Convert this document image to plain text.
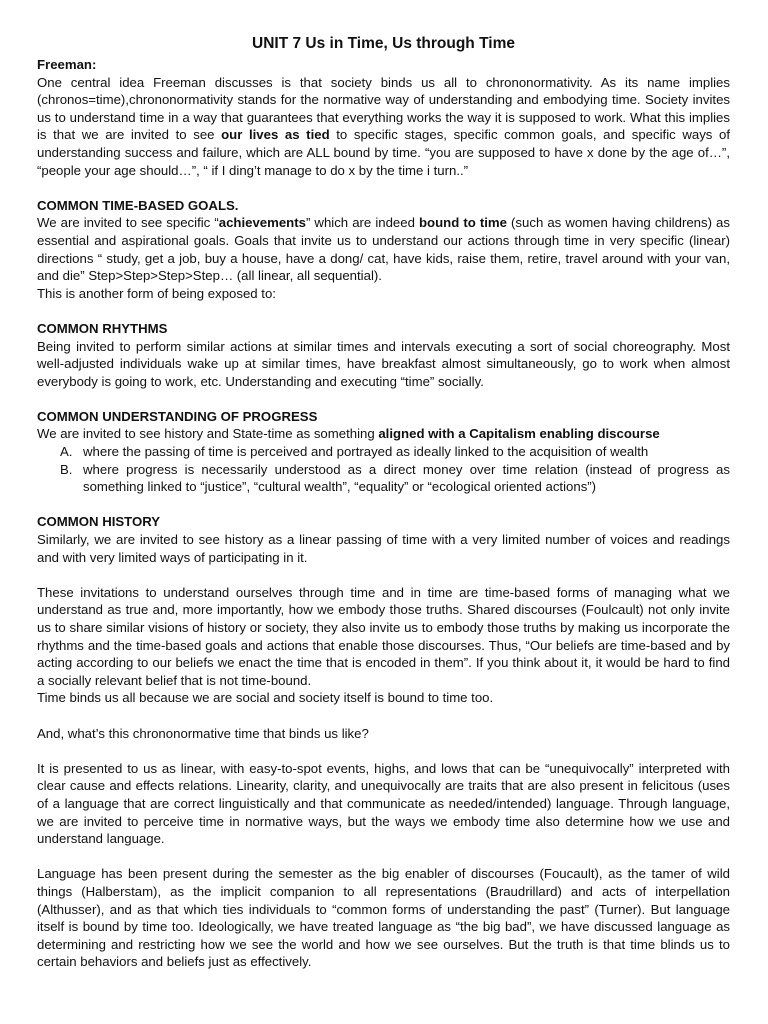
UNIT 7 Us in Time, Us through Time
Freeman:

One central idea Freeman discusses is that society binds us all to chrononormativity. As its name implies (chronos=time),chrononormativity stands for the normative way of understanding and embodying time. Society invites us to understand time in a way that guarantees that everything works the way it is supposed to work. What this implies is that we are invited to see our lives as tied to specific stages, specific common goals, and specific ways of understanding success and failure, which are ALL bound by time. “you are supposed to have x done by the age of…”, “people your age should…”, “ if I ding’t manage to do x by the time i turn..”

COMMON TIME-BASED GOALS.

We are invited to see specific “achievements” which are indeed bound to time (such as women having childrens) as essential and aspirational goals. Goals that invite us to understand our actions through time in very specific (linear) directions “ study, get a job, buy a house, have a dong/ cat, have kids, raise them, retire, travel around with your van, and die” Step>Step>Step>Step… (all linear, all sequential).

This is another form of being exposed to:

COMMON RHYTHMS

Being invited to perform similar actions at similar times and intervals executing a sort of social choreography. Most well-adjusted individuals wake up at similar times, have breakfast almost simultaneously, go to work when almost everybody is going to work, etc. Understanding and executing “time” socially.

COMMON UNDERSTANDING OF PROGRESS

We are invited to see history and State-time as something aligned with a Capitalism enabling discourse

A. where the passing of time is perceived and portrayed as ideally linked to the acquisition of wealth
B. where progress is necessarily understood as a direct money over time relation (instead of progress as something linked to “justice”, “cultural wealth”, “equality” or “ecological oriented actions”)
COMMON HISTORY

Similarly, we are invited to see history as a linear passing of time with a very limited number of voices and readings and with very limited ways of participating in it.

These invitations to understand ourselves through time and in time are time-based forms of managing what we understand as true and, more importantly, how we embody those truths. Shared discourses (Foulcault) not only invite us to share similar visions of history or society, they also invite us to embody those truths by making us incorporate the rhythms and the time-based goals and actions that enable those discourses. Thus, “Our beliefs are time-based and by acting according to our beliefs we enact the time that is encoded in them”. If you think about it, it would be hard to find a socially relevant belief that is not time-bound.

Time binds us all because we are social and society itself is bound to time too.

And, what’s this chrononormative time that binds us like?

It is presented to us as linear, with easy-to-spot events, highs, and lows that can be “unequivocally” interpreted with clear cause and effects relations. Linearity, clarity, and unequivocally are traits that are also present in felicitous (uses of a language that are correct linguistically and that communicate as needed/intended) language. Through language, we are invited to perceive time in normative ways, but the ways we embody time also determine how we use and understand language.

Language has been present during the semester as the big enabler of discourses (Foucault), as the tamer of wild things (Halberstam), as the implicit companion to all representations (Braudrillard) and acts of interpellation (Althusser), and as that which ties individuals to “common forms of understanding the past” (Turner). But language itself is bound by time too. Ideologically, we have treated language as “the big bad”, we have discussed language as determining and restricting how we see the world and how we see ourselves. But the truth is that time blinds us to certain behaviors and beliefs just as effectively.
